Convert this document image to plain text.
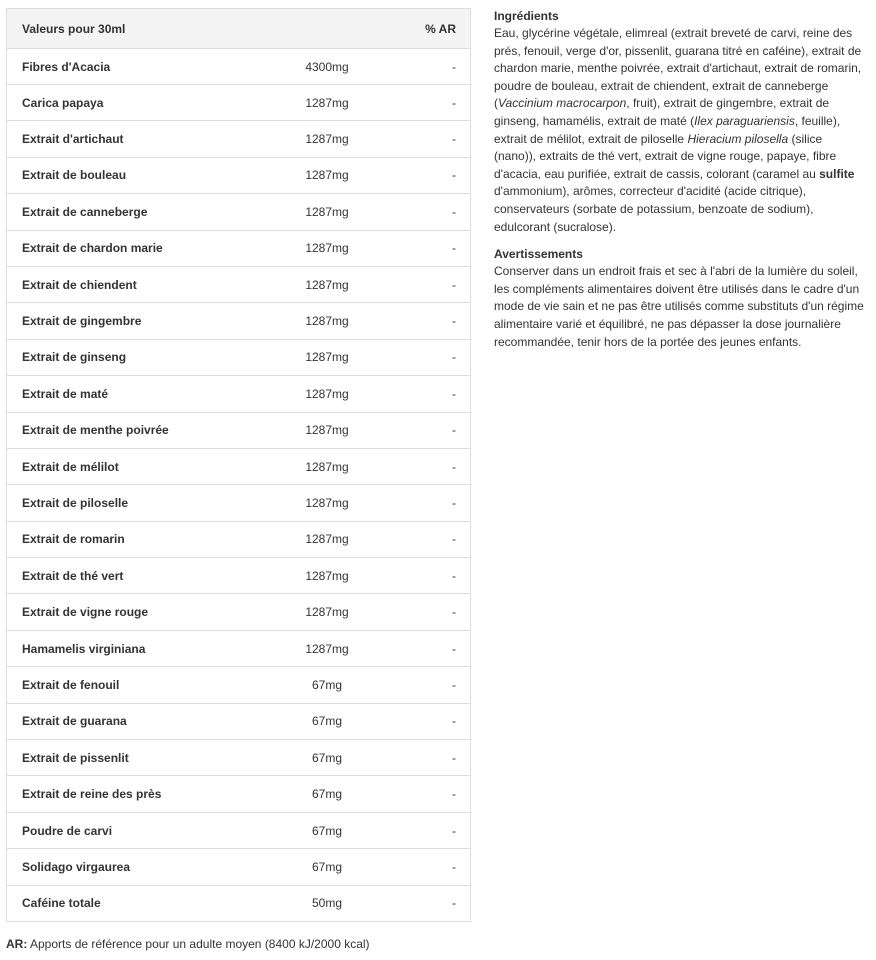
Valeurs pour 30ml		% AR
Fibres d'Acacia	4300mg	-
Carica papaya	1287mg	-
Extrait d'artichaut	1287mg	-
Extrait de bouleau	1287mg	-
Extrait de canneberge	1287mg	-
Extrait de chardon marie	1287mg	-
Extrait de chiendent	1287mg	-
Extrait de gingembre	1287mg	-
Extrait de ginseng	1287mg	-
Extrait de maté	1287mg	-
Extrait de menthe poivrée	1287mg	-
Extrait de mélilot	1287mg	-
Extrait de piloselle	1287mg	-
Extrait de romarin	1287mg	-
Extrait de thé vert	1287mg	-
Extrait de vigne rouge	1287mg	-
Hamamelis virginiana	1287mg	-
Extrait de fenouil	67mg	-
Extrait de guarana	67mg	-
Extrait de pissenlit	67mg	-
Extrait de reine des près	67mg	-
Poudre de carvi	67mg	-
Solidago virgaurea	67mg	-
Caféine totale	50mg	-
AR: Apports de référence pour un adulte moyen (8400 kJ/2000 kcal)
Ingrédients

Eau, glycérine végétale, elimreal (extrait breveté de carvi, reine des prés, fenouil, verge d'or, pissenlit, guarana titré en caféine), extrait de chardon marie, menthe poivrée, extrait d'artichaut, extrait de romarin, poudre de bouleau, extrait de chiendent, extrait de canneberge (Vaccinium macrocarpon, fruit), extrait de gingembre, extrait de ginseng, hamamélis, extrait de maté (Ilex paraguariensis, feuille), extrait de mélilot, extrait de piloselle Hieracium pilosella (silice (nano)), extraits de thé vert, extrait de vigne rouge, papaye, fibre d'acacia, eau purifiée, extrait de cassis, colorant (caramel au sulfite d'ammonium), arômes, correcteur d'acidité (acide citrique), conservateurs (sorbate de potassium, benzoate de sodium), edulcorant (sucralose).

Avertissements

Conserver dans un endroit frais et sec à l'abri de la lumière du soleil, les compléments alimentaires doivent être utilisés dans le cadre d'un mode de vie sain et ne pas être utilisés comme substituts d'un régime alimentaire varié et équilibré, ne pas dépasser la dose journalière recommandée, tenir hors de la portée des jeunes enfants.
